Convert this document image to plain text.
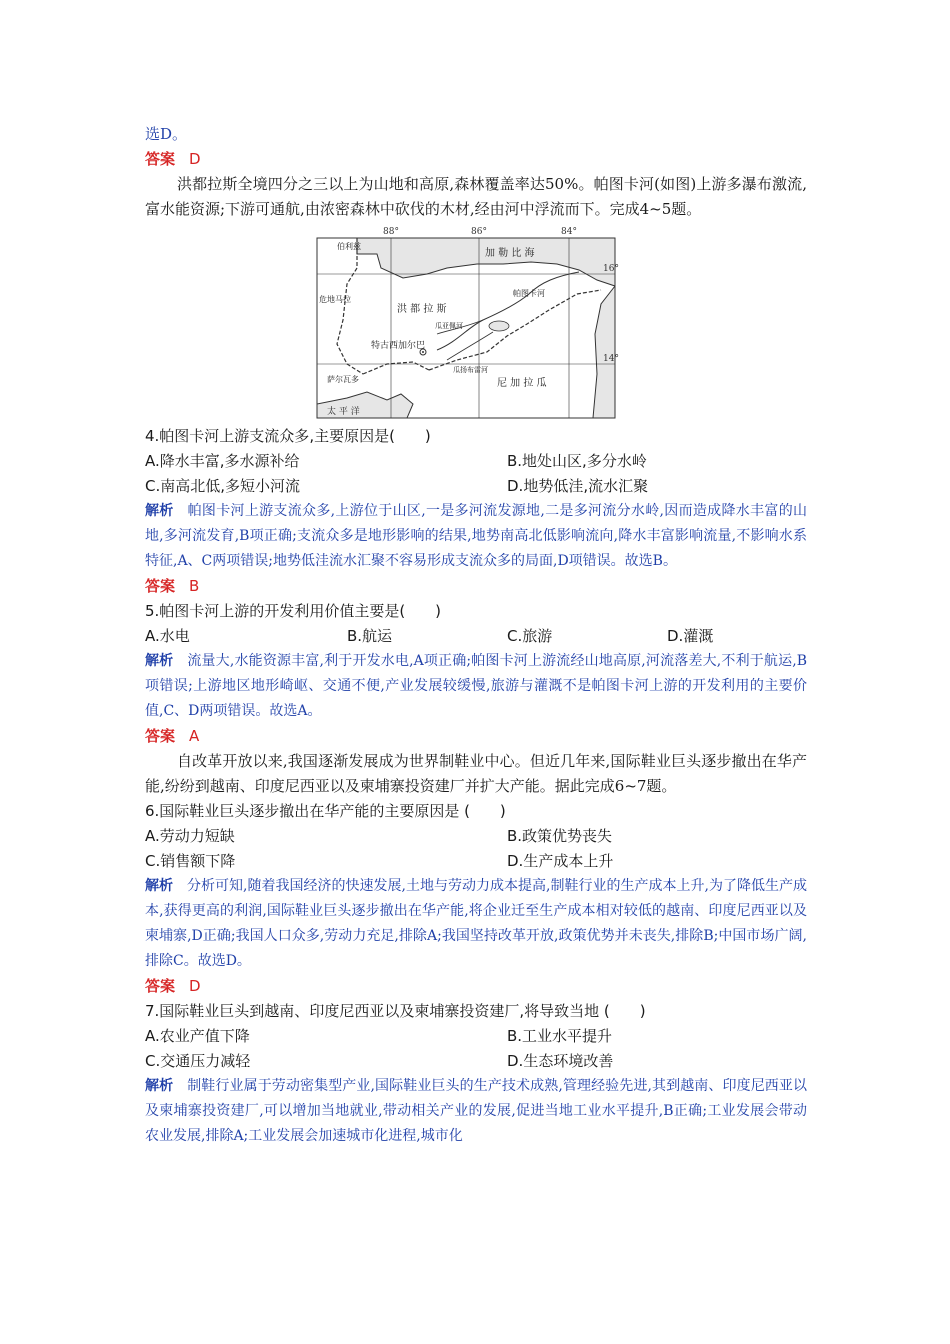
选D。
答案 D
洪都拉斯全境四分之三以上为山地和高原,森林覆盖率达50%。帕图卡河(如图)上游多瀑布激流,富水能资源;下游可通航,由浓密森林中砍伐的木材,经由河中浮流而下。完成4~5题。
88°	86°	84°
16°
14°
伯利兹
加 勒 比 海
危地马拉
洪 都 拉 斯
帕图卡河
瓜亚佩河
瓜扬布雷河
特古西加尔巴
萨尔瓦多	尼 加 拉 瓜
太 平 洋
4.帕图卡河上游支流众多,主要原因是(　　)
A.降水丰富,多水源补给	B.地处山区,多分水岭
C.南高北低,多短小河流	D.地势低洼,流水汇聚
解析 帕图卡河上游支流众多,上游位于山区,一是多河流发源地,二是多河流分水岭,因而造成降水丰富的山地,多河流发育,B项正确;支流众多是地形影响的结果,地势南高北低影响流向,降水丰富影响流量,不影响水系特征,A、C两项错误;地势低洼流水汇聚不容易形成支流众多的局面,D项错误。故选B。
答案 B
5.帕图卡河上游的开发利用价值主要是(　　)
A.水电	B.航运	C.旅游	D.灌溉
解析 流量大,水能资源丰富,利于开发水电,A项正确;帕图卡河上游流经山地高原,河流落差大,不利于航运,B项错误;上游地区地形崎岖、交通不便,产业发展较缓慢,旅游与灌溉不是帕图卡河上游的开发利用的主要价值,C、D两项错误。故选A。
答案 A
自改革开放以来,我国逐渐发展成为世界制鞋业中心。但近几年来,国际鞋业巨头逐步撤出在华产能,纷纷到越南、印度尼西亚以及柬埔寨投资建厂并扩大产能。据此完成6~7题。
6.国际鞋业巨头逐步撤出在华产能的主要原因是 (　　)
A.劳动力短缺	B.政策优势丧失
C.销售额下降	D.生产成本上升
解析 分析可知,随着我国经济的快速发展,土地与劳动力成本提高,制鞋行业的生产成本上升,为了降低生产成本,获得更高的利润,国际鞋业巨头逐步撤出在华产能,将企业迁至生产成本相对较低的越南、印度尼西亚以及柬埔寨,D正确;我国人口众多,劳动力充足,排除A;我国坚持改革开放,政策优势并未丧失,排除B;中国市场广阔,排除C。故选D。
答案 D
7.国际鞋业巨头到越南、印度尼西亚以及柬埔寨投资建厂,将导致当地 (　　)
A.农业产值下降	B.工业水平提升
C.交通压力减轻	D.生态环境改善
解析 制鞋行业属于劳动密集型产业,国际鞋业巨头的生产技术成熟,管理经验先进,其到越南、印度尼西亚以及柬埔寨投资建厂,可以增加当地就业,带动相关产业的发展,促进当地工业水平提升,B正确;工业发展会带动农业发展,排除A;工业发展会加速城市化进程,城市化
